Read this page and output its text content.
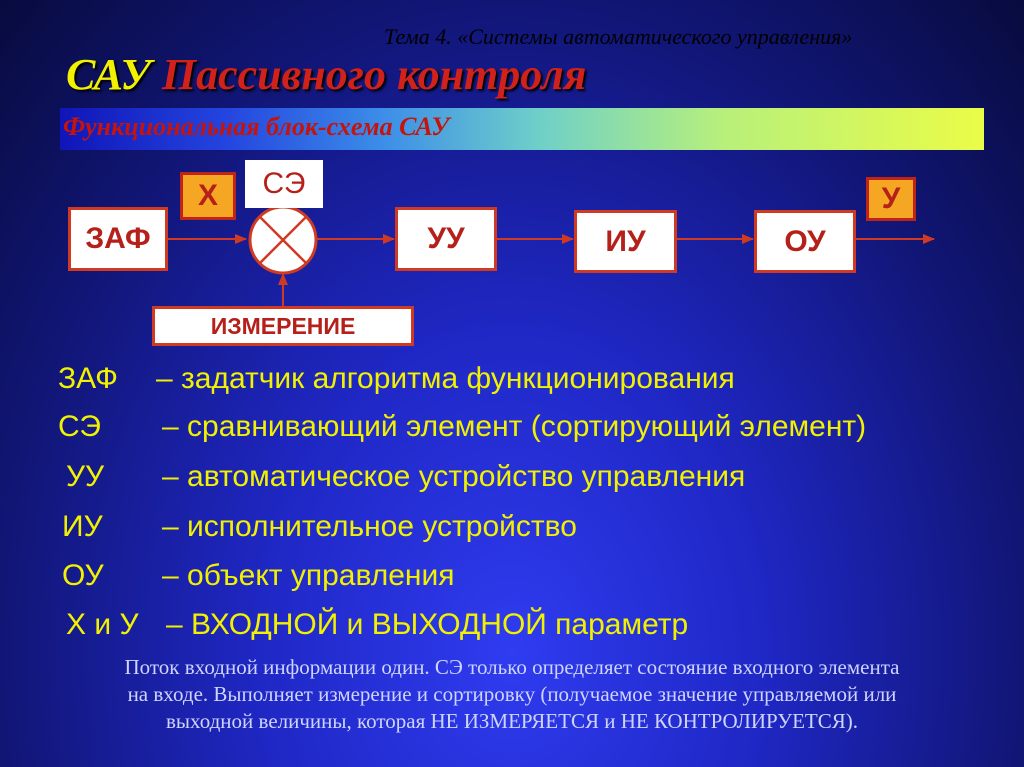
Тема 4. «Системы автоматического управления»
САУ Пассивного контроля
Функциональная блок-схема САУ
Х	СЭ	У
ЗАФ	УУ	ИУ	ОУ
ИЗМЕРЕНИЕ
ЗАФ – задатчик алгоритма функционирования
СЭ – сравнивающий элемент (сортирующий элемент)
УУ – автоматическое устройство управления
ИУ – исполнительное устройство
ОУ – объект управления
Х и У – ВХОДНОЙ и ВЫХОДНОЙ параметр
Поток входной информации один. СЭ только определяет состояние входного элемента
на входе. Выполняет измерение и сортировку (получаемое значение управляемой или
выходной величины, которая НЕ ИЗМЕРЯЕТСЯ и НЕ КОНТРОЛИРУЕТСЯ).
